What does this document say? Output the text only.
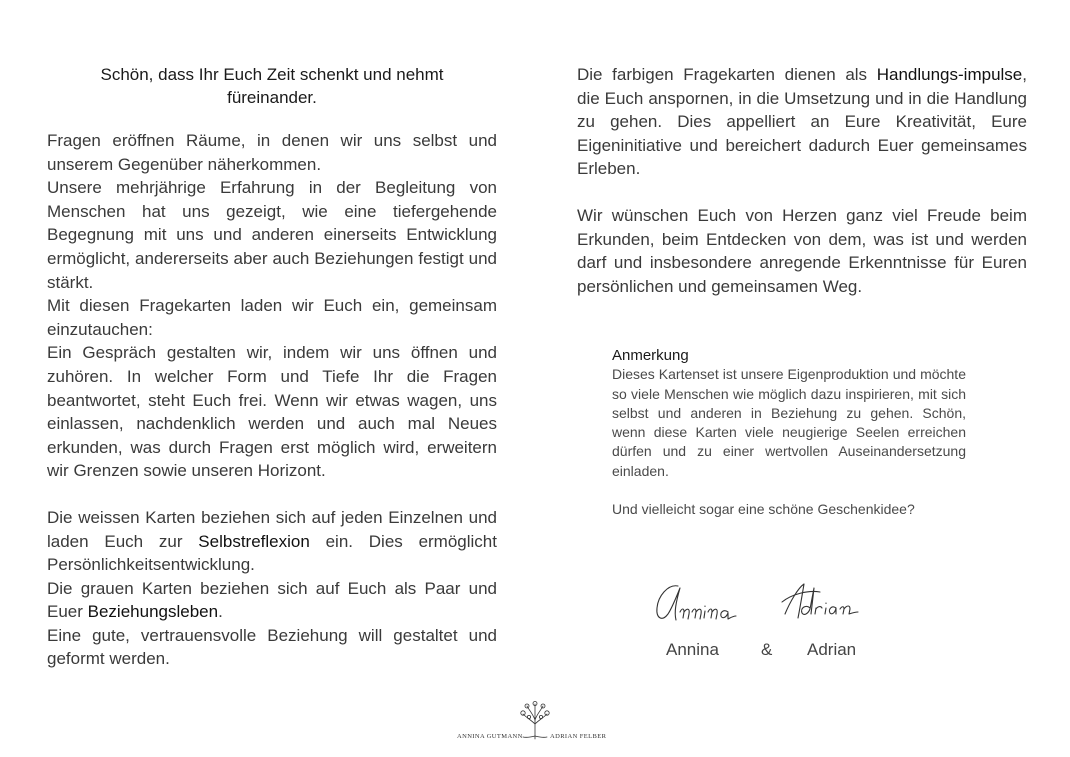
Schön, dass Ihr Euch Zeit schenkt und nehmt
füreinander.

Fragen eröffnen Räume, in denen wir uns selbst und unserem Gegenüber näherkommen.

Unsere mehrjährige Erfahrung in der Begleitung von Menschen hat uns gezeigt, wie eine tiefergehende Begegnung mit uns und anderen einerseits Entwicklung ermöglicht, andererseits aber auch Beziehungen festigt und stärkt.

Mit diesen Fragekarten laden wir Euch ein, gemeinsam einzutauchen:

Ein Gespräch gestalten wir, indem wir uns öffnen und zuhören. In welcher Form und Tiefe Ihr die Fragen beantwortet, steht Euch frei. Wenn wir etwas wagen, uns einlassen, nachdenklich werden und auch mal Neues erkunden, was durch Fragen erst möglich wird, erweitern wir Grenzen sowie unseren Horizont.

Die weissen Karten beziehen sich auf jeden Einzelnen und laden Euch zur Selbstreflexion ein. Dies ermöglicht Persönlichkeitsentwicklung.

Die grauen Karten beziehen sich auf Euch als Paar und Euer Beziehungsleben.

Eine gute, vertrauensvolle Beziehung will gestaltet und geformt werden.

Die farbigen Fragekarten dienen als Handlungs-impulse, die Euch anspornen, in die Umsetzung und in die Handlung zu gehen. Dies appelliert an Eure Kreativität, Eure Eigeninitiative und bereichert dadurch Euer gemeinsames Erleben.

Wir wünschen Euch von Herzen ganz viel Freude beim Erkunden, beim Entdecken von dem, was ist und werden darf und insbesondere anregende Erkenntnisse für Euren persönlichen und gemeinsamen Weg.

Anmerkung

Dieses Kartenset ist unsere Eigenproduktion und möchte so viele Menschen wie möglich dazu inspirieren, mit sich selbst und anderen in Beziehung zu gehen. Schön, wenn diese Karten viele neugierige Seelen erreichen dürfen und zu einer wertvollen Auseinandersetzung einladen.

Und vielleicht sogar eine schöne Geschenkidee?

Annina & Adrian
ANNINA GUTMANN	ADRIAN FELBER
